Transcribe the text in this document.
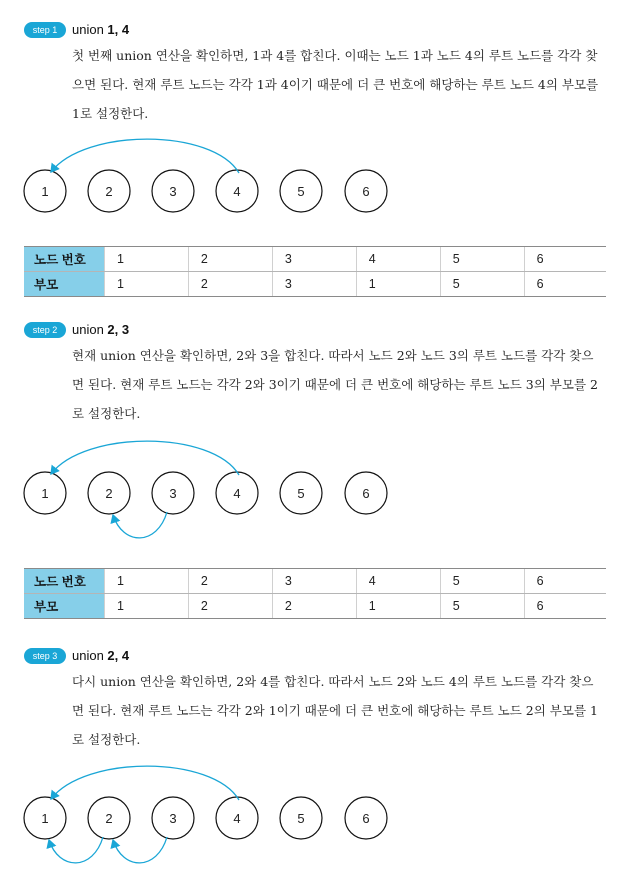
step 1	union 1, 4
첫 번째 union 연산을 확인하면, 1과 4를 합친다. 이때는 노드 1과 노드 4의 루트 노드를 각각 찾
으면 된다. 현재 루트 노드는 각각 1과 4이기 때문에 더 큰 번호에 해당하는 루트 노드 4의 부모를
1로 설정한다.
1	2	3	4	5	6
노드 번호	1	2	3	4	5	6
부모	1	2	3	1	5	6
step 2	union 2, 3
현재 union 연산을 확인하면, 2와 3을 합친다. 따라서 노드 2와 노드 3의 루트 노드를 각각 찾으
면 된다. 현재 루트 노드는 각각 2와 3이기 때문에 더 큰 번호에 해당하는 루트 노드 3의 부모를 2
로 설정한다.
1	2	3	4	5	6
노드 번호	1	2	3	4	5	6
부모	1	2	2	1	5	6
step 3	union 2, 4
다시 union 연산을 확인하면, 2와 4를 합친다. 따라서 노드 2와 노드 4의 루트 노드를 각각 찾으
면 된다. 현재 루트 노드는 각각 2와 1이기 때문에 더 큰 번호에 해당하는 루트 노드 2의 부모를 1
로 설정한다.
1	2	3	4	5	6
